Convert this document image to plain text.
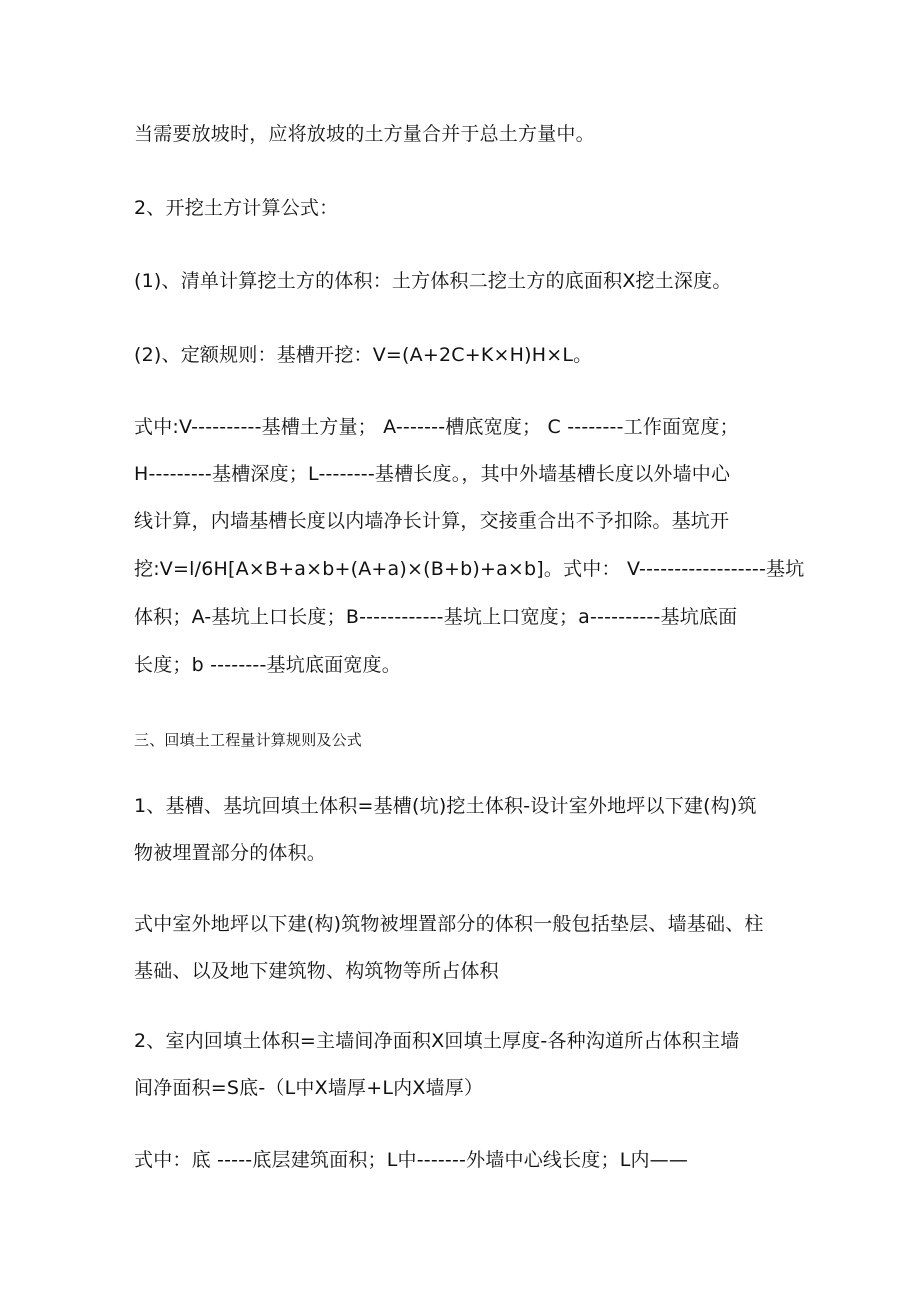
当需要放坡时，应将放坡的土方量合并于总土方量中。
2、开挖土方计算公式：
(1)、清单计算挖土方的体积：土方体积二挖土方的底面积X挖土深度。
(2)、定额规则：基槽开挖：V=(A+2C+K×H)H×L。
式中:V----------基槽土方量； A-------槽底宽度； C --------工作面宽度；
H---------基槽深度；L--------基槽长度。，其中外墙基槽长度以外墙中心
线计算，内墙基槽长度以内墙净长计算，交接重合出不予扣除。基坑开
挖:V=l/6H[A×B+a×b+(A+a)×(B+b)+a×b]。式中： V------------------基坑
体积；A-基坑上口长度；B------------基坑上口宽度；a----------基坑底面
长度；b --------基坑底面宽度。
三、回填土工程量计算规则及公式
1、基槽、基坑回填土体积=基槽(坑)挖土体积-设计室外地坪以下建(构)筑
物被埋置部分的体积。
式中室外地坪以下建(构)筑物被埋置部分的体积一般包括垫层、墙基础、柱
基础、以及地下建筑物、构筑物等所占体积
2、室内回填土体积=主墙间净面积X回填土厚度-各种沟道所占体积主墙
间净面积=S底-（L中X墙厚+L内X墙厚）
式中：底 -----底层建筑面积；L中-------外墙中心线长度；L内——
